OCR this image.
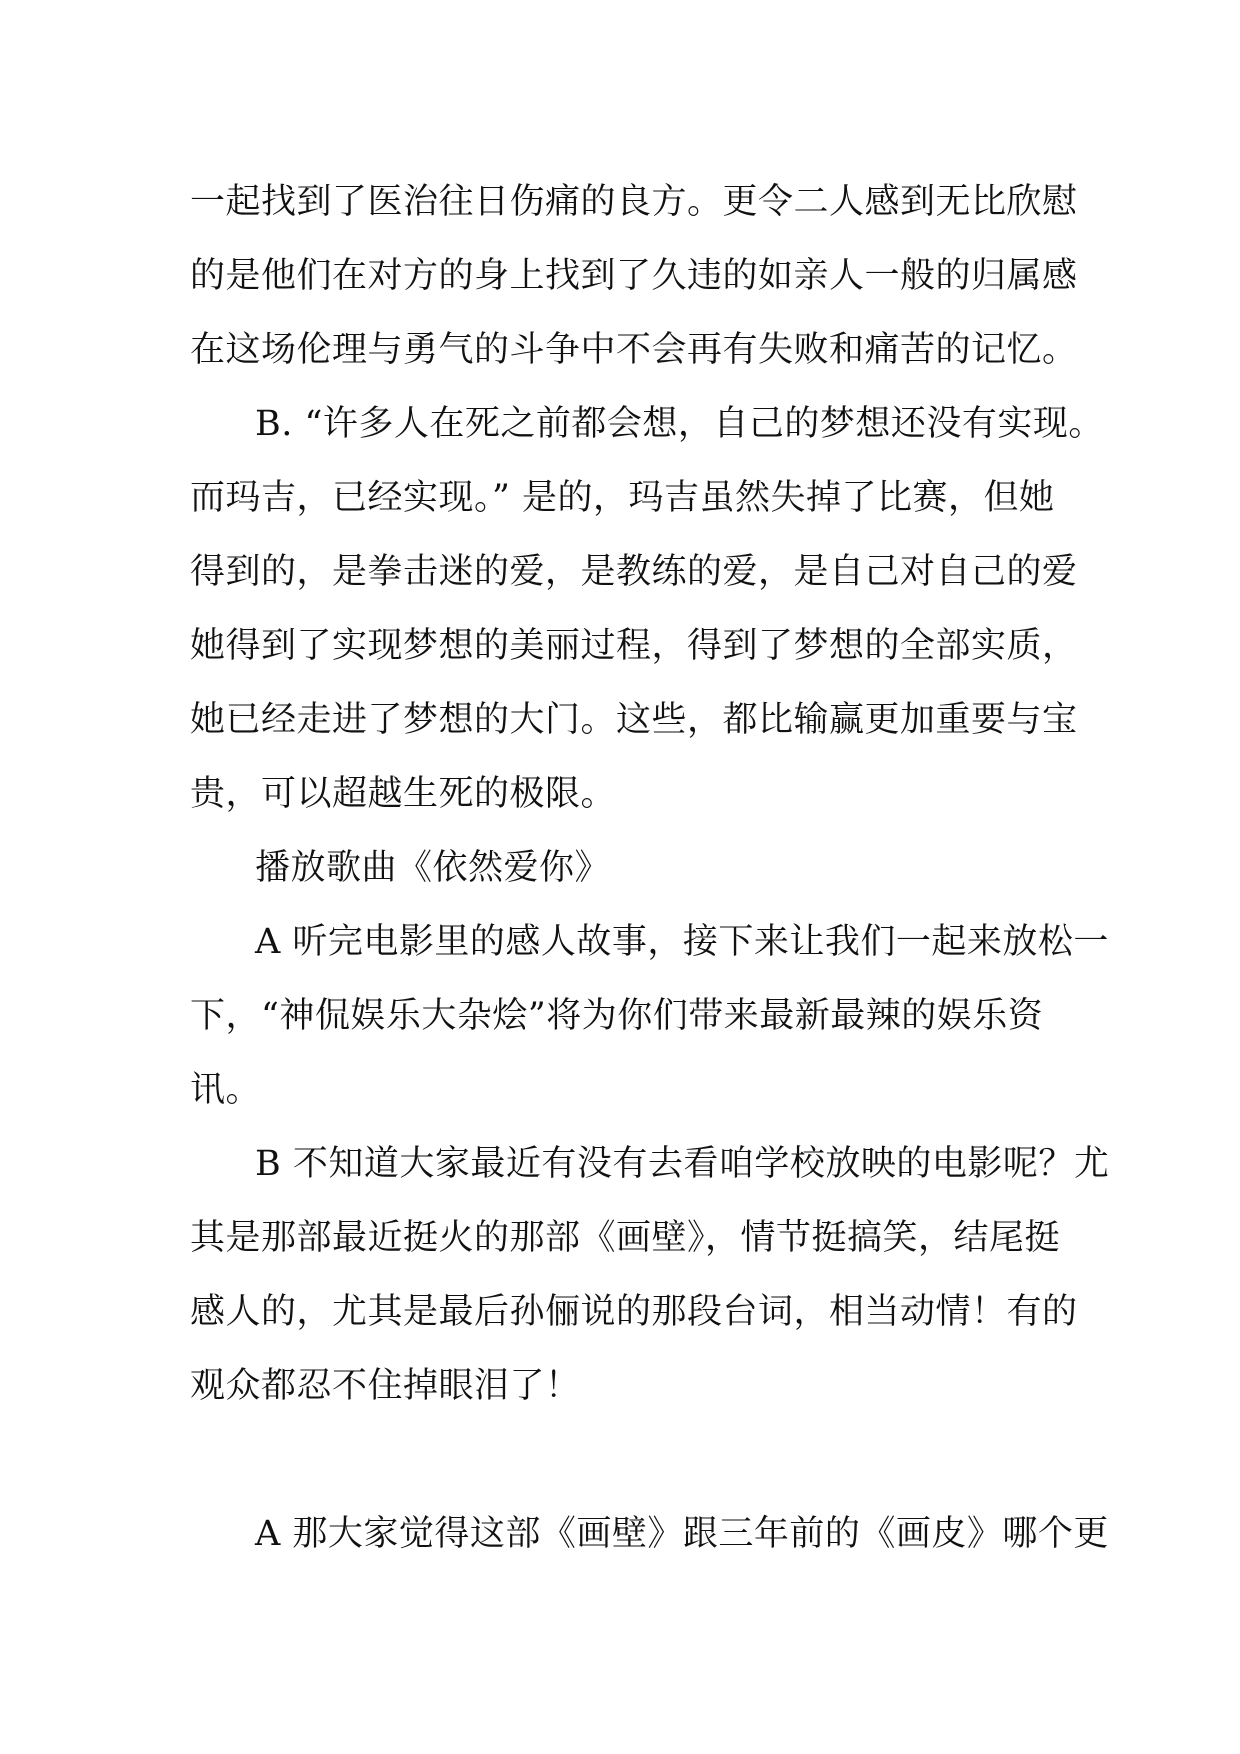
一起找到了医治往日伤痛的良方。更令二人感到无比欣慰
的是他们在对方的身上找到了久违的如亲人一般的归属感
在这场伦理与勇气的斗争中不会再有失败和痛苦的记忆。
B. “许多人在死之前都会想，自己的梦想还没有实现。
而玛吉，已经实现。” 是的，玛吉虽然失掉了比赛，但她
得到的，是拳击迷的爱，是教练的爱，是自己对自己的爱
她得到了实现梦想的美丽过程，得到了梦想的全部实质，
她已经走进了梦想的大门。这些，都比输赢更加重要与宝
贵，可以超越生死的极限。
播放歌曲《依然爱你》
A 听完电影里的感人故事，接下来让我们一起来放松一
下，“神侃娱乐大杂烩”将为你们带来最新最辣的娱乐资
讯。
B 不知道大家最近有没有去看咱学校放映的电影呢？尤
其是那部最近挺火的那部《画壁》，情节挺搞笑，结尾挺
感人的，尤其是最后孙俪说的那段台词，相当动情！有的
观众都忍不住掉眼泪了！
A 那大家觉得这部《画壁》跟三年前的《画皮》哪个更
